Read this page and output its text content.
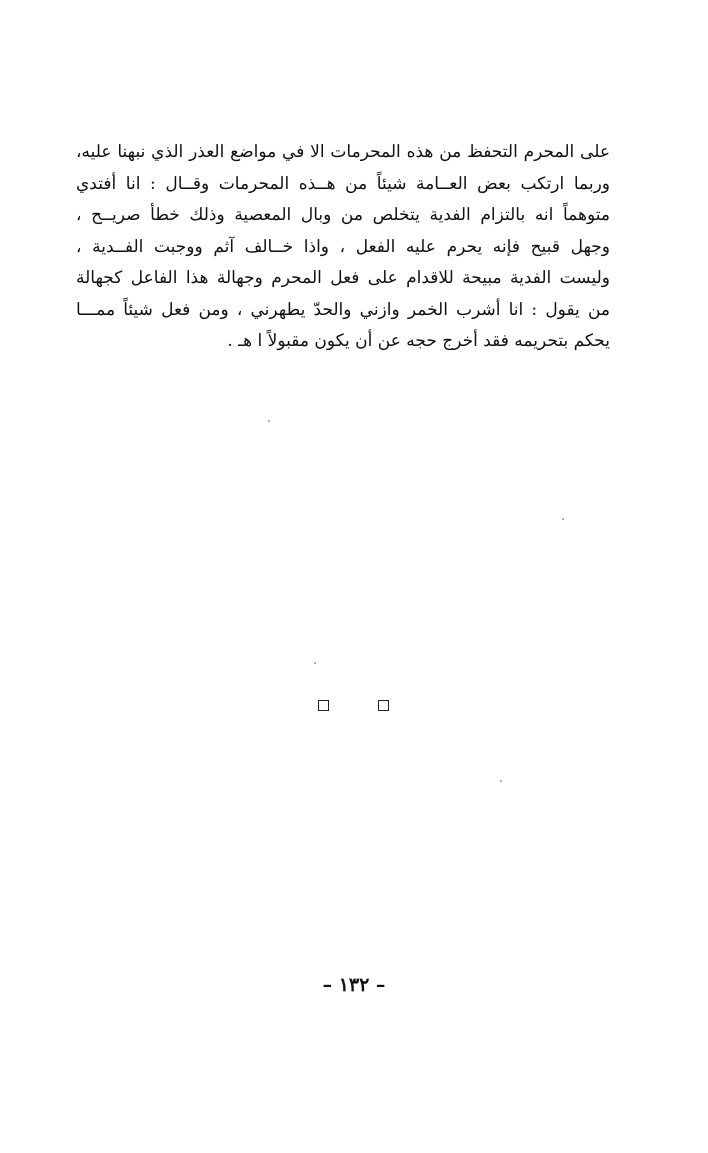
على المحرم التحفظ من هذه المحرمات الا في مواضع العذر الذي نبهنا عليه،
وربما ارتكب بعض العــامة شيئاً من هــذه المحرمات وقــال : انا أفتدي
متوهماً انه بالتزام الفدية يتخلص من وبال المعصية وذلك خطأ صريــح ،
وجهل قبيح فإنه يحرم عليه الفعل ، واذا خــالف آثم ووجبت الفــدية ،
وليست الفدية مبيحة للاقدام على فعل المحرم وجهالة هذا الفاعل كجهالة
من يقول : انا أشرب الخمر وازني والحدّ يطهرني ، ومن فعل شيئاً ممـــا
يحكم بتحريمه فقد أخرج حجه عن أن يكون مقبولاً ا هـ .
– ١٣٢ –
